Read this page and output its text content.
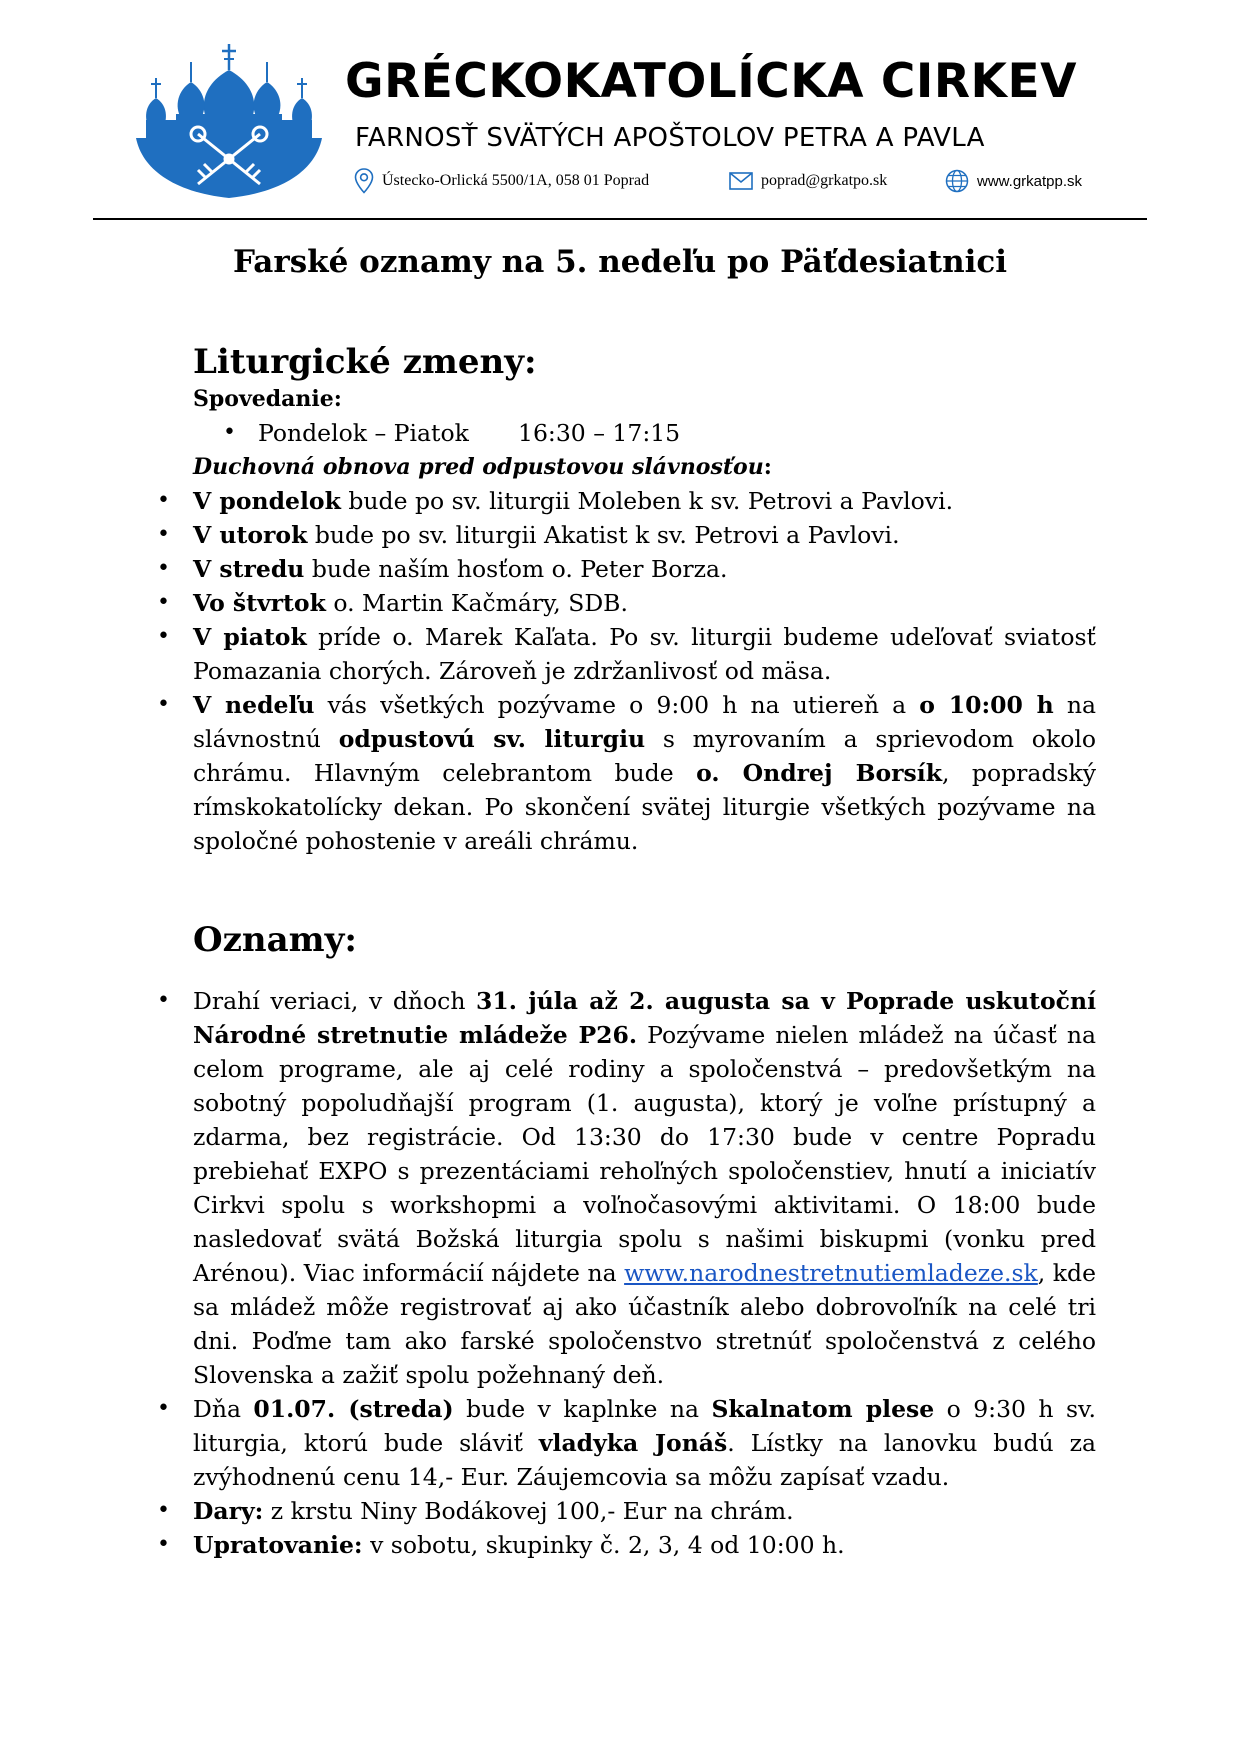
GRÉCKOKATOLÍCKA CIRKEV
FARNOSŤ SVÄTÝCH APOŠTOLOV PETRA A PAVLA
Ústecko-Orlická 5500/1A, 058 01 Poprad	poprad@grkatpo.sk	www.grkatpp.sk
Farské oznamy na 5. nedeľu po Päťdesiatnici
Liturgické zmeny:
Spovedanie:
• Pondelok – Piatok 16:30 – 17:15
Duchovná obnova pred odpustovou slávnosťou:
• V pondelok bude po sv. liturgii Moleben k sv. Petrovi a Pavlovi.
• V utorok bude po sv. liturgii Akatist k sv. Petrovi a Pavlovi.
• V stredu bude naším hosťom o. Peter Borza.
• Vo štvrtok o. Martin Kačmáry, SDB.
• V piatok príde o. Marek Kaľata. Po sv. liturgii budeme udeľovať sviatosť Pomazania chorých. Zároveň je zdržanlivosť od mäsa.
• V nedeľu vás všetkých pozývame o 9:00 h na utiereň a o 10:00 h na slávnostnú odpustovú sv. liturgiu s myrovaním a sprievodom okolo chrámu. Hlavným celebrantom bude o. Ondrej Borsík, popradský rímskokatolícky dekan. Po skončení svätej liturgie všetkých pozývame na spoločné pohostenie v areáli chrámu.
Oznamy:
• Drahí veriaci, v dňoch 31. júla až 2. augusta sa v Poprade uskutoční Národné stretnutie mládeže P26. Pozývame nielen mládež na účasť na celom programe, ale aj celé rodiny a spoločenstvá – predovšetkým na sobotný popoludňajší program (1. augusta), ktorý je voľne prístupný a zdarma, bez registrácie. Od 13:30 do 17:30 bude v centre Popradu prebiehať EXPO s prezentáciami rehoľných spoločenstiev, hnutí a iniciatív Cirkvi spolu s workshopmi a voľnočasovými aktivitami. O 18:00 bude nasledovať svätá Božská liturgia spolu s našimi biskupmi (vonku pred Arénou). Viac informácií nájdete na www.narodnestretnutiemladeze.sk, kde sa mládež môže registrovať aj ako účastník alebo dobrovoľník na celé tri dni. Poďme tam ako farské spoločenstvo stretnúť spoločenstvá z celého Slovenska a zažiť spolu požehnaný deň.
• Dňa 01.07. (streda) bude v kaplnke na Skalnatom plese o 9:30 h sv. liturgia, ktorú bude sláviť vladyka Jonáš. Lístky na lanovku budú za zvýhodnenú cenu 14,- Eur. Záujemcovia sa môžu zapísať vzadu.
• Dary: z krstu Niny Bodákovej 100,- Eur na chrám.
• Upratovanie: v sobotu, skupinky č. 2, 3, 4 od 10:00 h.
